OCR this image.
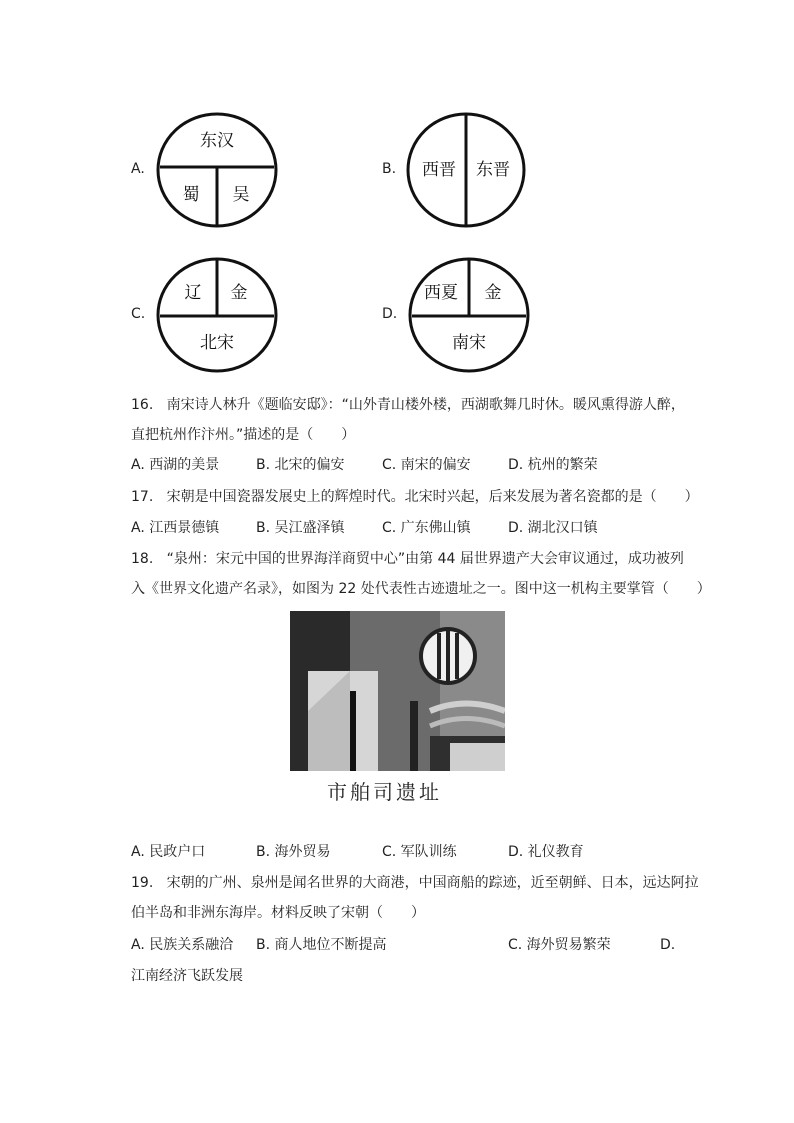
A.
东汉
蜀 吴
B. 西晋 东晋
C.
辽 金
北宋
D.
西夏 金
南宋
16. 南宋诗人林升《题临安邸》：“山外青山楼外楼，西湖歌舞几时休。暖风熏得游人醉，
直把杭州作汴州。”描述的是（　　）
A. 西湖的美景	B. 北宋的偏安	C. 南宋的偏安	D. 杭州的繁荣
17. 宋朝是中国瓷器发展史上的辉煌时代。北宋时兴起，后来发展为著名瓷都的是（　　）
A. 江西景德镇	B. 吴江盛泽镇	C. 广东佛山镇	D. 湖北汉口镇
18. “泉州：宋元中国的世界海洋商贸中心”由第 44 届世界遗产大会审议通过，成功被列
入《世界文化遗产名录》，如图为 22 处代表性古迹遗址之一。图中这一机构主要掌管（　　）
市舶司遗址
A. 民政户口	B. 海外贸易	C. 军队训练	D. 礼仪教育
19. 宋朝的广州、泉州是闻名世界的大商港，中国商船的踪迹，近至朝鲜、日本，远达阿拉
伯半岛和非洲东海岸。材料反映了宋朝（　　）
A. 民族关系融洽 B. 商人地位不断提高	C. 海外贸易繁荣	D.
江南经济飞跃发展
